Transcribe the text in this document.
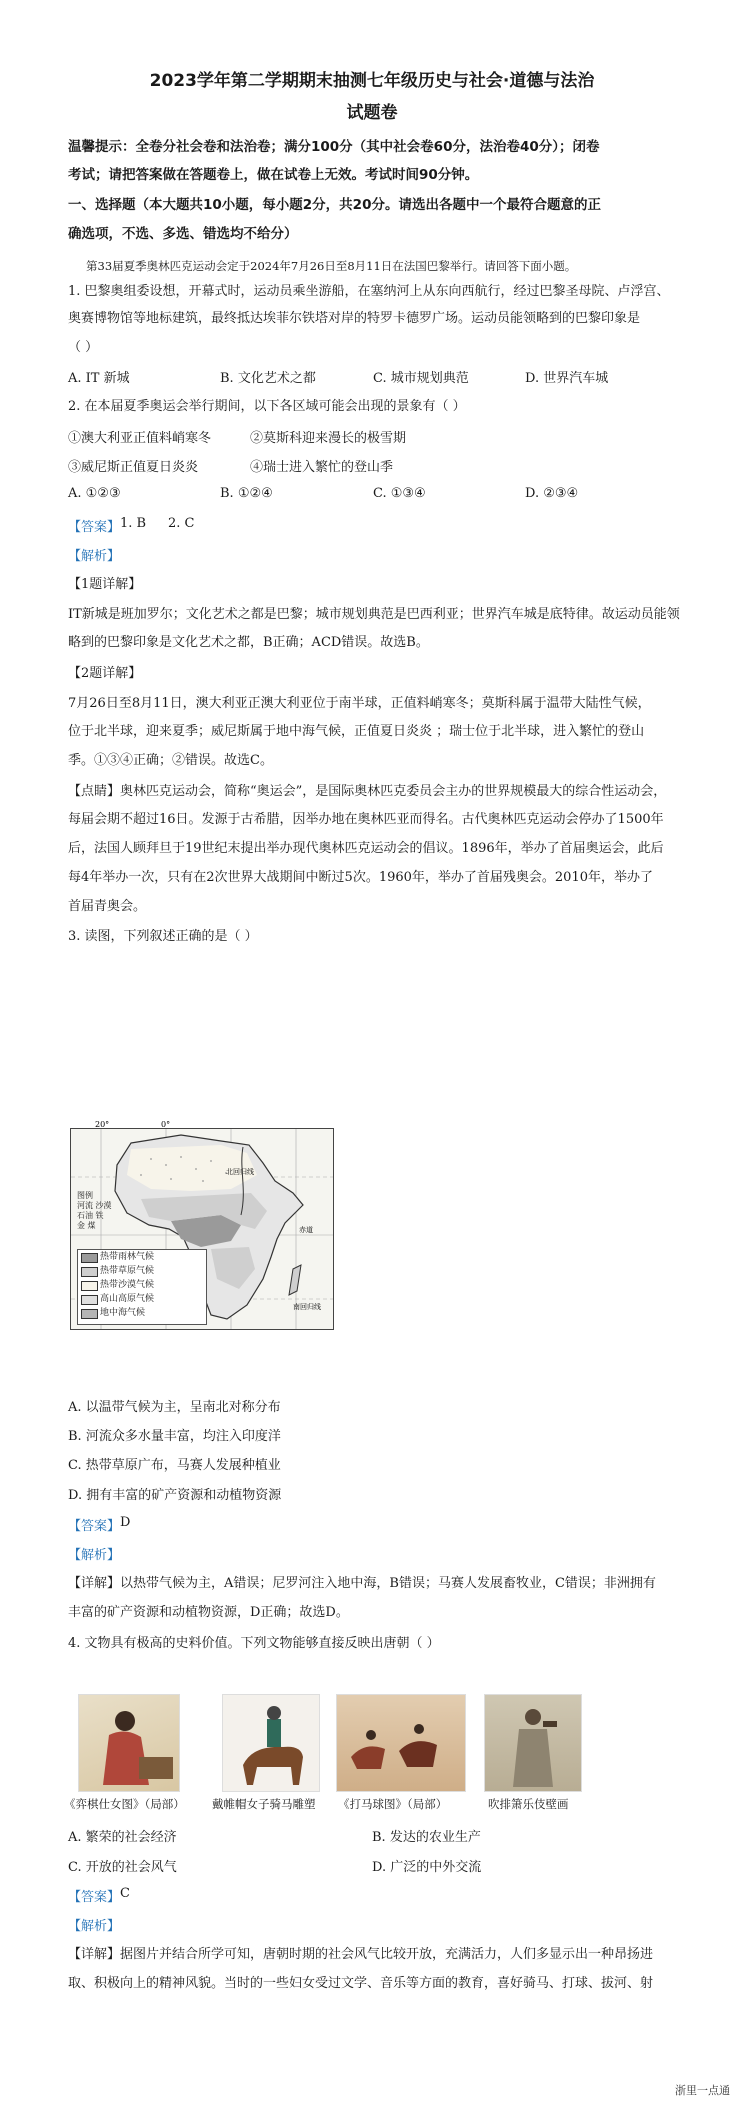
2023学年第二学期期末抽测七年级历史与社会·道德与法治
试题卷
温馨提示：全卷分社会卷和法治卷；满分100分（其中社会卷60分，法治卷40分）；闭卷
考试；请把答案做在答题卷上，做在试卷上无效。考试时间90分钟。
一、选择题（本大题共10小题，每小题2分，共20分。请选出各题中一个最符合题意的正
确选项，不选、多选、错选均不给分）
第33届夏季奥林匹克运动会定于2024年7月26日至8月11日在法国巴黎举行。请回答下面小题。
1. 巴黎奥组委设想，开幕式时，运动员乘坐游船，在塞纳河上从东向西航行，经过巴黎圣母院、卢浮宫、
奥赛博物馆等地标建筑，最终抵达埃菲尔铁塔对岸的特罗卡德罗广场。运动员能领略到的巴黎印象是
（ ）
A. IT 新城	B. 文化艺术之都	C. 城市规划典范	D. 世界汽车城
2. 在本届夏季奥运会举行期间，以下各区域可能会出现的景象有（ ）
①澳大利亚正值料峭寒冬	②莫斯科迎来漫长的极雪期
③威尼斯正值夏日炎炎	④瑞士进入繁忙的登山季
A. ①②③	B. ①②④	C. ①③④	D. ②③④
【答案】 1. B 2. C
【解析】
【1题详解】
IT新城是班加罗尔；文化艺术之都是巴黎；城市规划典范是巴西利亚；世界汽车城是底特律。故运动员能领
略到的巴黎印象是文化艺术之都，B正确；ACD错误。故选B。
【2题详解】
7月26日至8月11日，澳大利亚正澳大利亚位于南半球，正值料峭寒冬；莫斯科属于温带大陆性气候，
位于北半球，迎来夏季；威尼斯属于地中海气候，正值夏日炎炎 ；瑞士位于北半球，进入繁忙的登山
季。①③④正确；②错误。故选C。
【点睛】奥林匹克运动会，简称“奥运会”，是国际奥林匹克委员会主办的世界规模最大的综合性运动会，
每届会期不超过16日。发源于古希腊，因举办地在奥林匹亚而得名。古代奥林匹克运动会停办了1500年
后，法国人顾拜旦于19世纪末提出举办现代奥林匹克运动会的倡议。1896年，举办了首届奥运会，此后
每4年举办一次，只有在2次世界大战期间中断过5次。1960年，举办了首届残奥会。2010年，举办了
首届青奥会。
3. 读图，下列叙述正确的是（ ）
20°	0°
北回归线
赤道
南回归线
图例
河流 沙漠
石油 铁
金 煤
热带雨林气候
热带草原气候
热带沙漠气候
高山高原气候
地中海气候
A. 以温带气候为主，呈南北对称分布
B. 河流众多水量丰富，均注入印度洋
C. 热带草原广布，马赛人发展种植业
D. 拥有丰富的矿产资源和动植物资源
【答案】 D
【解析】
【详解】以热带气候为主，A错误；尼罗河注入地中海，B错误；马赛人发展畜牧业，C错误；非洲拥有
丰富的矿产资源和动植物资源，D正确；故选D。
4. 文物具有极高的史料价值。下列文物能够直接反映出唐朝（ ）
《弈棋仕女图》（局部） 戴帷帽女子骑马雕塑 《打马球图》（局部）	吹排箫乐伎壁画
A. 繁荣的社会经济	B. 发达的农业生产
C. 开放的社会风气	D. 广泛的中外交流
【答案】 C
【解析】
【详解】据图片并结合所学可知，唐朝时期的社会风气比较开放，充满活力，人们多显示出一种昂扬进
取、积极向上的精神风貌。当时的一些妇女受过文学、音乐等方面的教育，喜好骑马、打球、拔河、射
浙里一点通
